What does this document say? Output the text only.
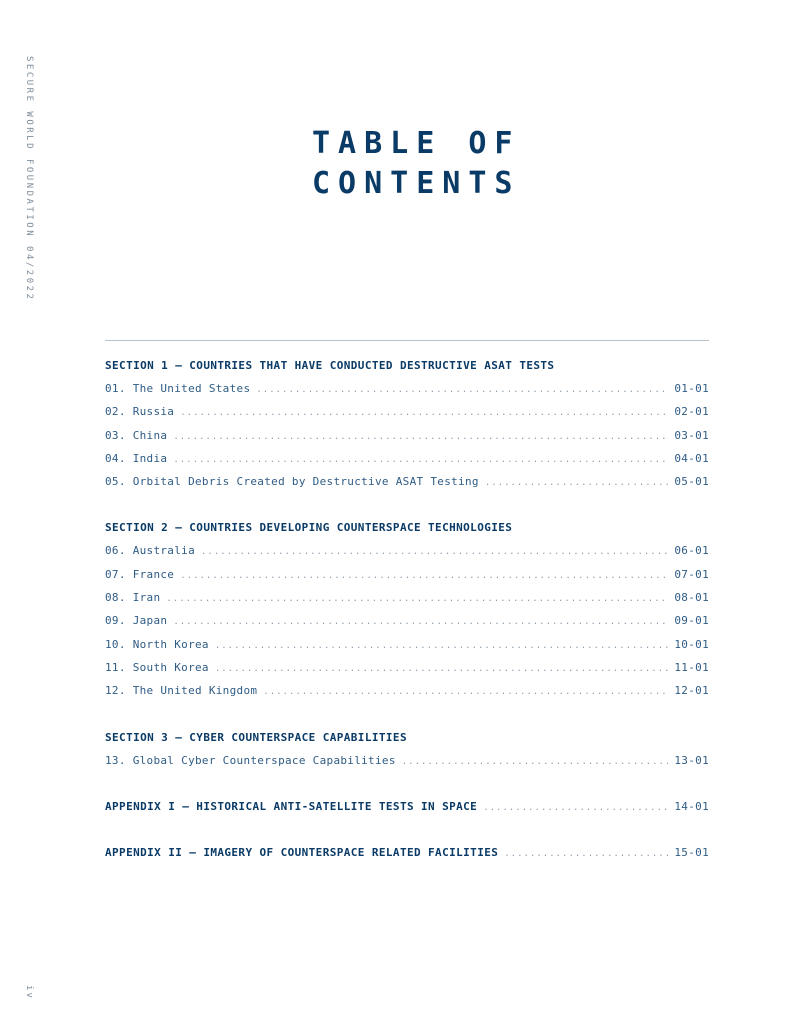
SECURE WORLD FOUNDATION 04/2022
iv
TABLE OF
CONTENTS
SECTION 1 — COUNTRIES THAT HAVE CONDUCTED DESTRUCTIVE ASAT TESTS
01. The United States .....	01-01
02. Russia .....	02-01
03. China .....	03-01
04. India .....	04-01
05. Orbital Debris Created by Destructive ASAT Testing .....	05-01
SECTION 2 — COUNTRIES DEVELOPING COUNTERSPACE TECHNOLOGIES
06. Australia .....	06-01
07. France .....	07-01
08. Iran .....	08-01
09. Japan .....	09-01
10. North Korea .....	10-01
11. South Korea .....	11-01
12. The United Kingdom .....	12-01
SECTION 3 — CYBER COUNTERSPACE CAPABILITIES
13. Global Cyber Counterspace Capabilities .....	13-01
APPENDIX I — HISTORICAL ANTI-SATELLITE TESTS IN SPACE .....	14-01
APPENDIX II — IMAGERY OF COUNTERSPACE RELATED FACILITIES .....	15-01
